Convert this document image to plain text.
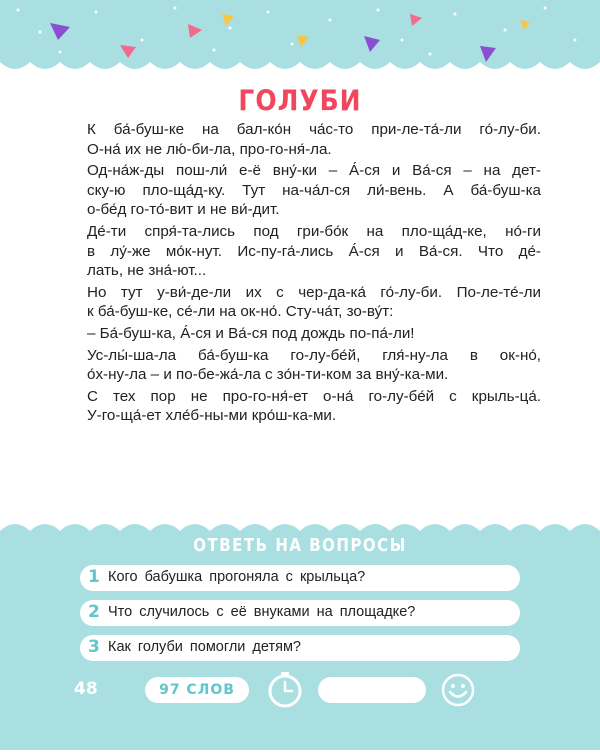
ГОЛУБИ

К ба́-буш-ке на бал-ко́н ча́с-то при-ле-та́-ли го́-лу-би.
О-на́ их не лю́-би-ла, про-го-ня́-ла.

Од-на́ж-ды пош-ли́ е-ё вну́-ки – А́-ся и Ва́-ся – на дет-
ску-ю пло-ща́д-ку. Тут на-ча́л-ся ли́-вень. А ба́-буш-ка
о-бе́д го-то́-вит и не ви́-дит.

Де́-ти спря́-та-лись под гри-бо́к на пло-ща́д-ке, но́-ги
в лу́-же мо́к-нут. Ис-пу-га́-лись А́-ся и Ва́-ся. Что де́-
лать, не зна́-ют...

Но тут у-ви́-де-ли их с чер-да-ка́ го́-лу-би. По-ле-те́-ли
к ба́-буш-ке, се́-ли на ок-но́. Сту-ча́т, зо-ву́т:

– Ба́-буш-ка, А́-ся и Ва́-ся под дождь по-па́-ли!

Ус-лы́-ша-ла ба́-буш-ка го-лу-бе́й, гля́-ну-ла в ок-но́,
о́х-ну-ла – и по-бе-жа́-ла с зо́н-ти-ком за вну́-ка-ми.

С тех пор не про-го-ня́-ет о-на́ го-лу-бе́й с крыль-ца́.
У-го-ща́-ет хле́б-ны-ми кро́ш-ка-ми.

ОТВЕТЬ НА ВОПРОСЫ
1 Кого бабушка прогоняла с крыльца?
2 Что случилось с её внуками на площадке?
3 Как голуби помогли детям?
48	97 СЛОВ
